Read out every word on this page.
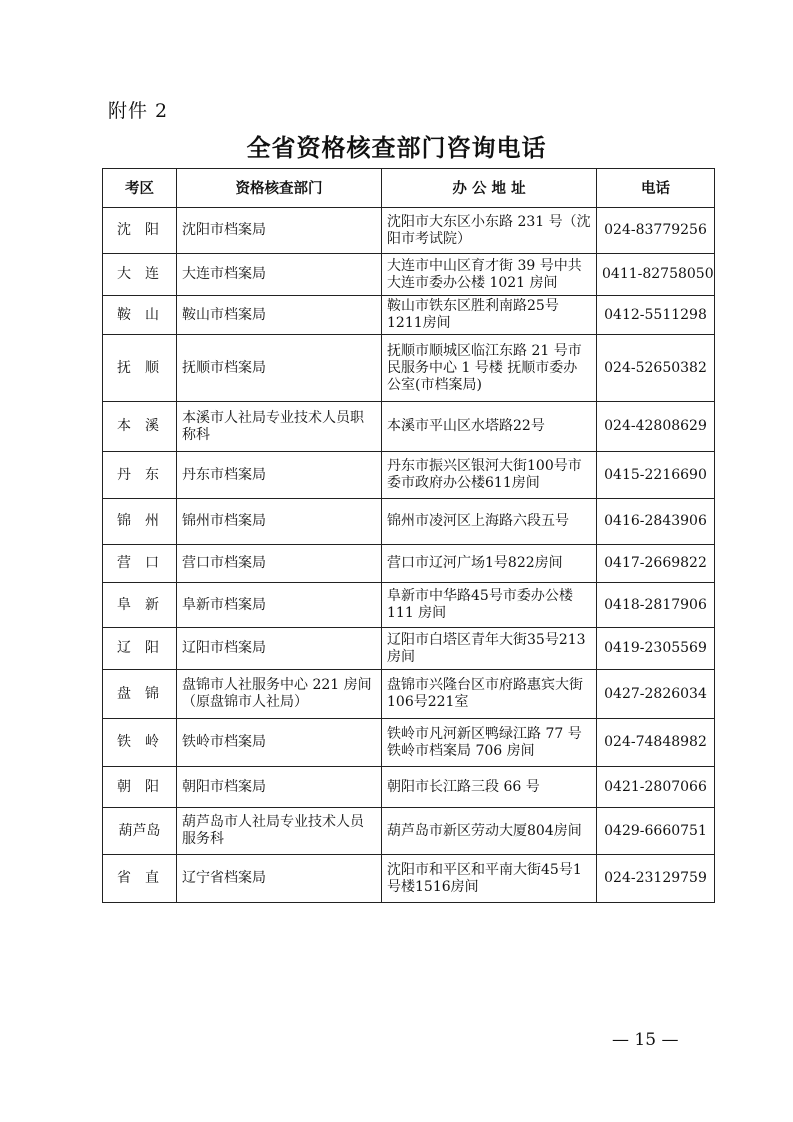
附件 2
全省资格核查部门咨询电话
考区	资格核查部门	办 公 地 址	电话
沈阳	沈阳市档案局	沈阳市大东区小东路 231 号（沈阳市考试院）	024-83779256
大连	大连市档案局	大连市中山区育才街 39 号中共大连市委办公楼 1021 房间	0411-82758050
鞍山	鞍山市档案局	鞍山市铁东区胜利南路25号1211房间	0412-5511298
抚顺	抚顺市档案局	抚顺市顺城区临江东路 21 号市民服务中心 1 号楼 抚顺市委办公室(市档案局)	024-52650382
本溪	本溪市人社局专业技术人员职称科	本溪市平山区水塔路22号	024-42808629
丹东	丹东市档案局	丹东市振兴区银河大街100号市委市政府办公楼611房间	0415-2216690
锦州	锦州市档案局	锦州市凌河区上海路六段五号	0416-2843906
营口	营口市档案局	营口市辽河广场1号822房间	0417-2669822
阜新	阜新市档案局	阜新市中华路45号市委办公楼 111 房间	0418-2817906
辽阳	辽阳市档案局	辽阳市白塔区青年大街35号213房间	0419-2305569
盘锦	盘锦市人社服务中心 221 房间（原盘锦市人社局）	盘锦市兴隆台区市府路惠宾大街106号221室	0427-2826034
铁岭	铁岭市档案局	铁岭市凡河新区鸭绿江路 77 号铁岭市档案局 706 房间	024-74848982
朝阳	朝阳市档案局	朝阳市长江路三段 66 号	0421-2807066
葫芦岛	葫芦岛市人社局专业技术人员服务科	葫芦岛市新区劳动大厦804房间	0429-6660751
省直	辽宁省档案局	沈阳市和平区和平南大街45号1号楼1516房间	024-23129759
— 15 —
